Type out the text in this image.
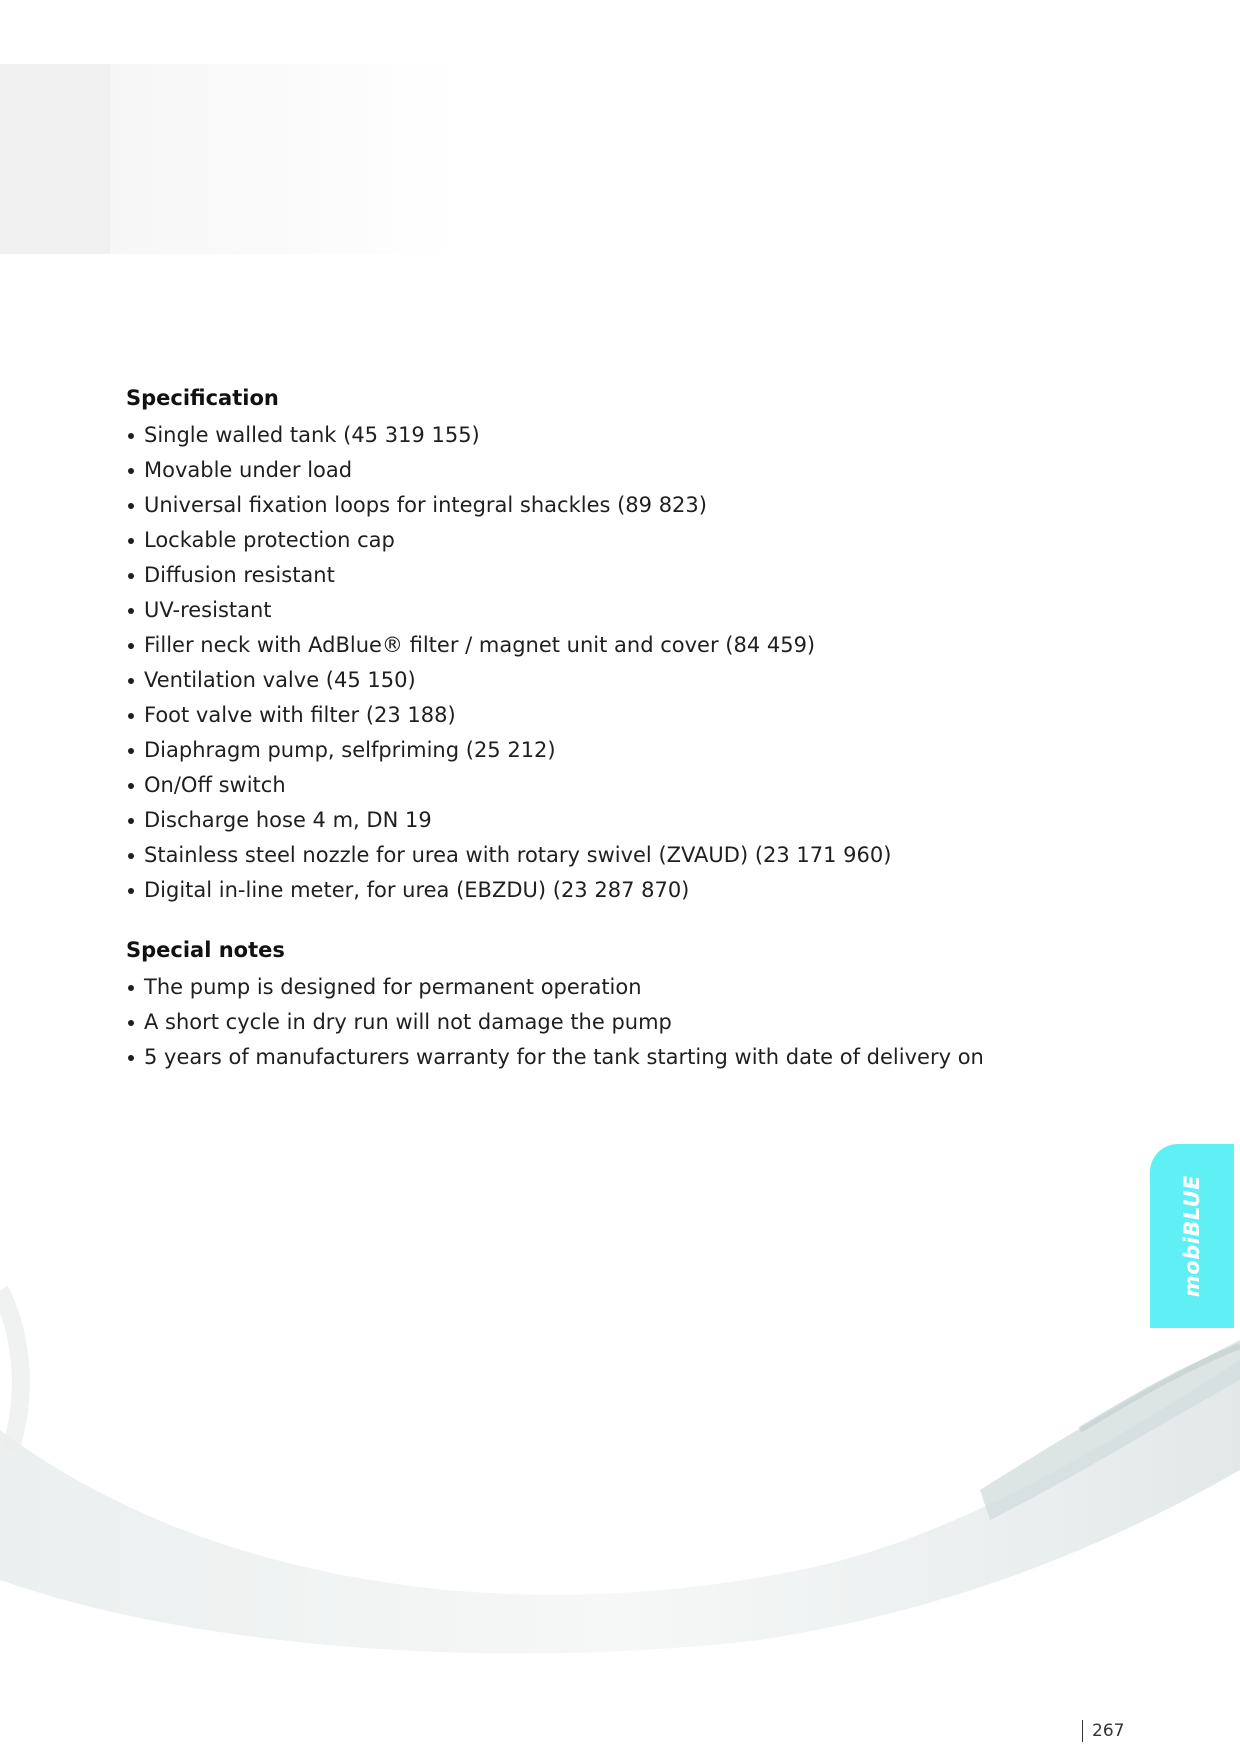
Specification
Single walled tank (45 319 155)
Movable under load
Universal fixation loops for integral shackles (89 823)
Lockable protection cap
Diffusion resistant
UV-resistant
Filler neck with AdBlue® filter / magnet unit and cover (84 459)
Ventilation valve (45 150)
Foot valve with filter (23 188)
Diaphragm pump, selfpriming (25 212)
On/Off switch
Discharge hose 4 m, DN 19
Stainless steel nozzle for urea with rotary swivel (ZVAUD) (23 171 960)
Digital in-line meter, for urea (EBZDU) (23 287 870)
Special notes
The pump is designed for permanent operation
A short cycle in dry run will not damage the pump
5 years of manufacturers warranty for the tank starting with date of delivery on
mobiBLUE
267
